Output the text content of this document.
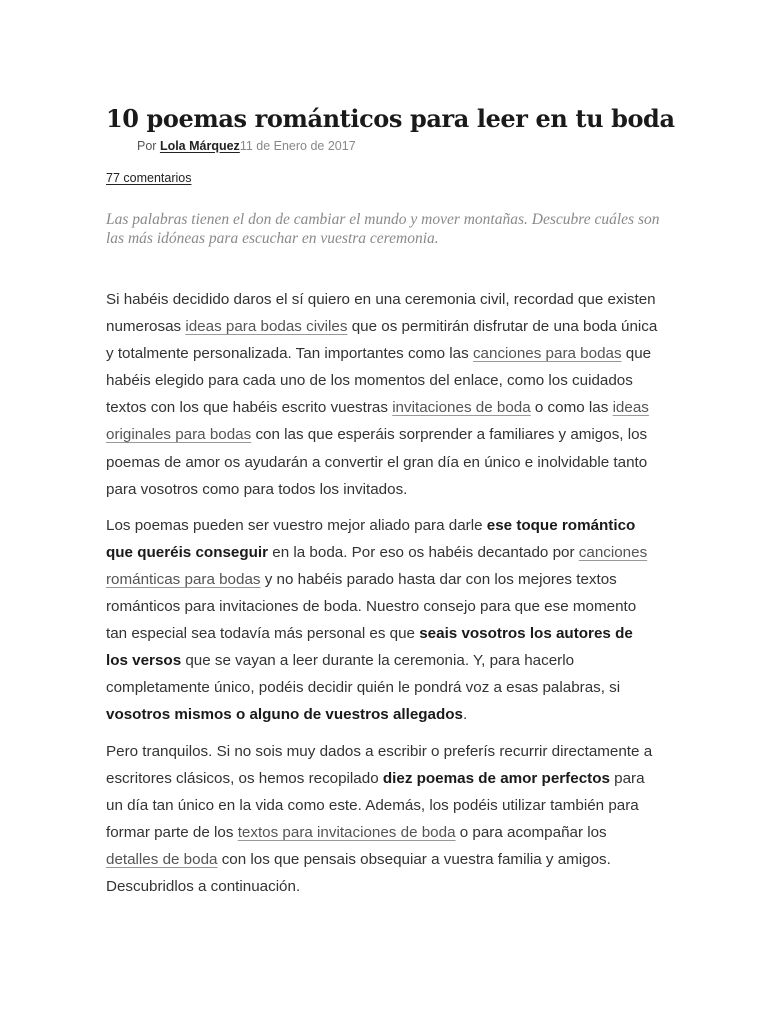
10 poemas románticos para leer en tu boda
Por Lola Márquez11 de Enero de 2017
77 comentarios

Las palabras tienen el don de cambiar el mundo y mover montañas. Descubre cuáles son las más idóneas para escuchar en vuestra ceremonia.

Si habéis decidido daros el sí quiero en una ceremonia civil, recordad que existen numerosas ideas para bodas civiles que os permitirán disfrutar de una boda única y totalmente personalizada. Tan importantes como las canciones para bodas que habéis elegido para cada uno de los momentos del enlace, como los cuidados textos con los que habéis escrito vuestras invitaciones de boda o como las ideas originales para bodas con las que esperáis sorprender a familiares y amigos, los poemas de amor os ayudarán a convertir el gran día en único e inolvidable tanto para vosotros como para todos los invitados.

Los poemas pueden ser vuestro mejor aliado para darle ese toque romántico que queréis conseguir en la boda. Por eso os habéis decantado por canciones románticas para bodas y no habéis parado hasta dar con los mejores textos románticos para invitaciones de boda. Nuestro consejo para que ese momento tan especial sea todavía más personal es que seais vosotros los autores de los versos que se vayan a leer durante la ceremonia. Y, para hacerlo completamente único, podéis decidir quién le pondrá voz a esas palabras, si vosotros mismos o alguno de vuestros allegados.

Pero tranquilos. Si no sois muy dados a escribir o preferís recurrir directamente a escritores clásicos, os hemos recopilado diez poemas de amor perfectos para un día tan único en la vida como este. Además, los podéis utilizar también para formar parte de los textos para invitaciones de boda o para acompañar los detalles de boda con los que pensais obsequiar a vuestra familia y amigos. Descubridlos a continuación.
